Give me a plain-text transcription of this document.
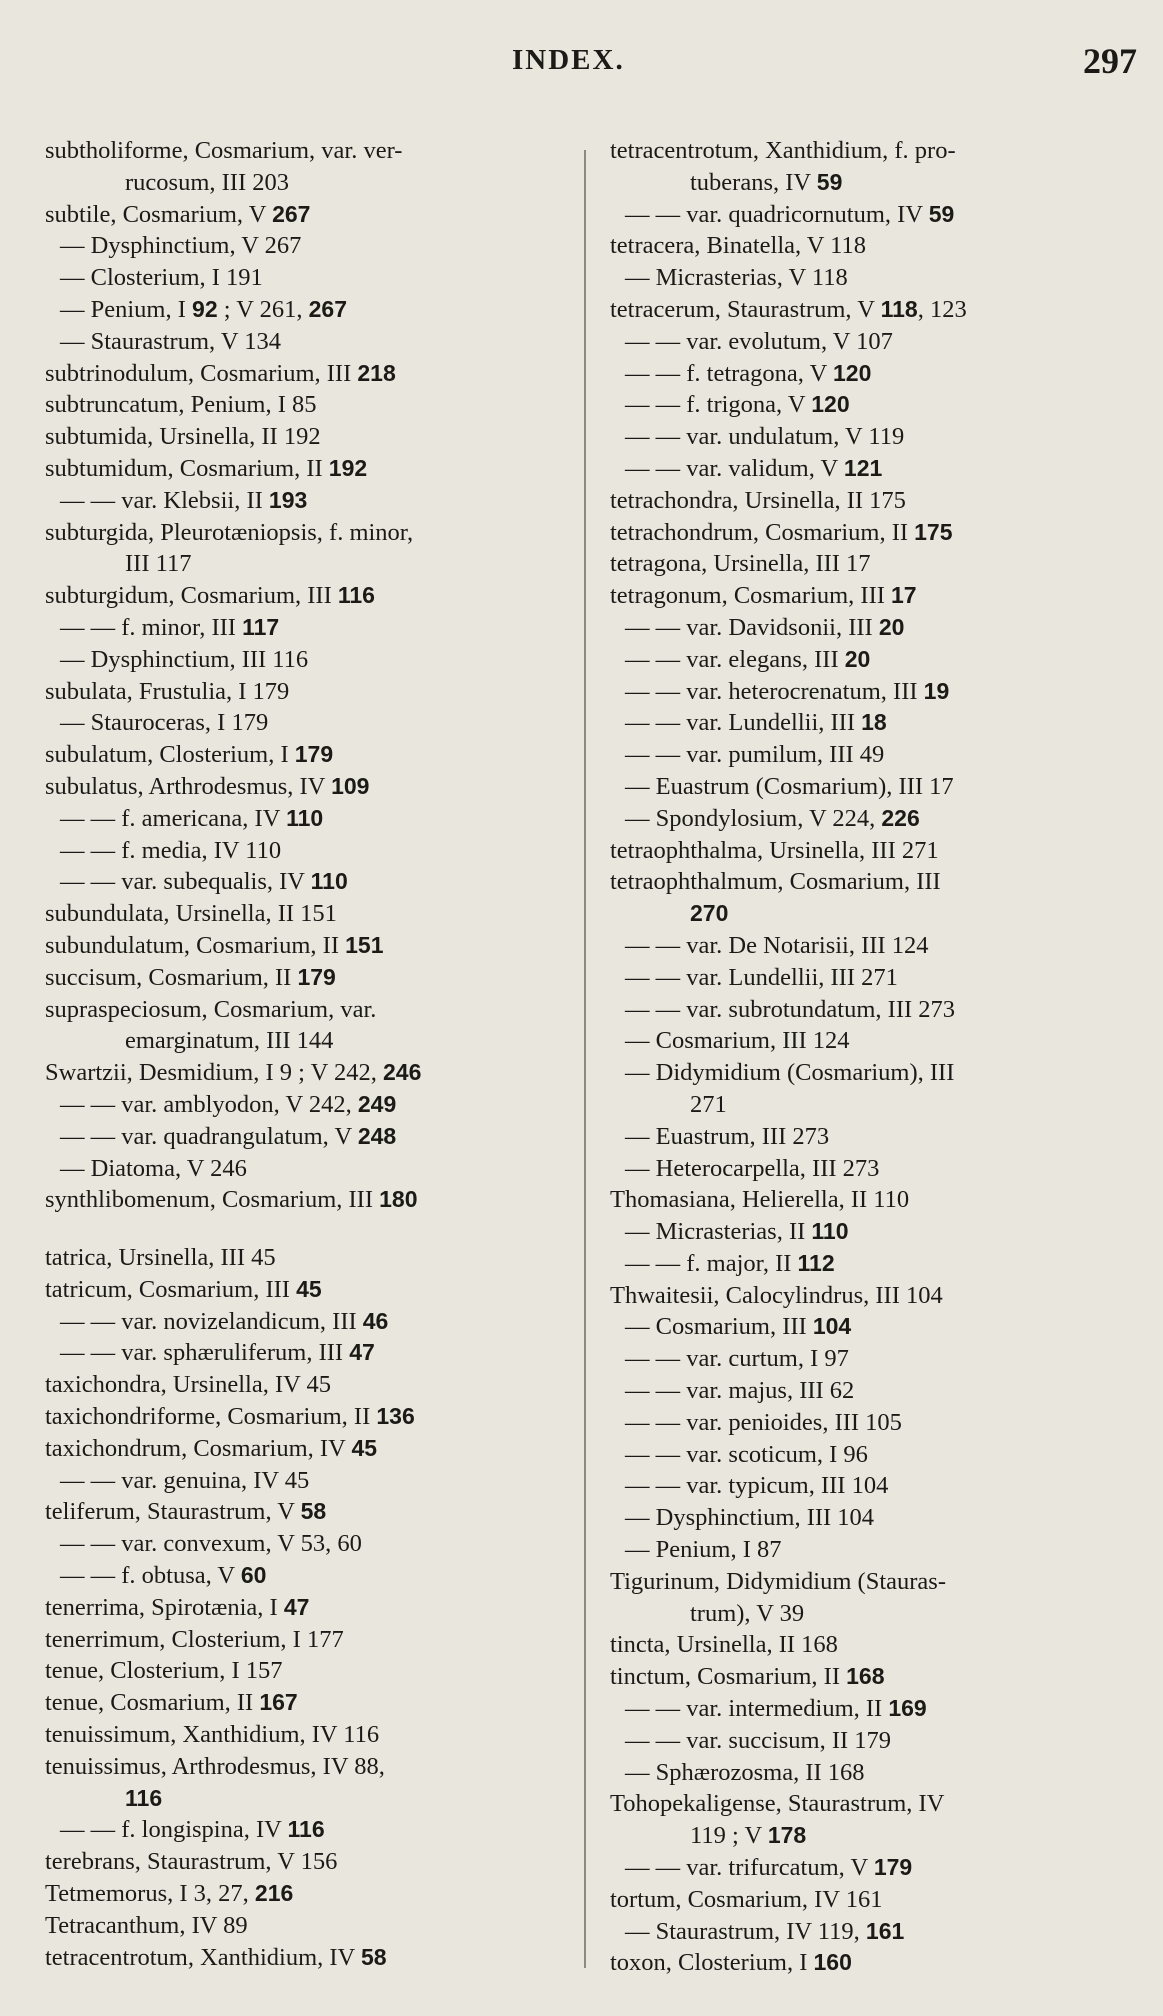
INDEX.	297
subtholiforme, Cosmarium, var. ver-
rucosum, III 203
subtile, Cosmarium, V 267
— Dysphinctium, V 267
— Closterium, I 191
— Penium, I 92 ; V 261, 267
— Staurastrum, V 134
subtrinodulum, Cosmarium, III 218
subtruncatum, Penium, I 85
subtumida, Ursinella, II 192
subtumidum, Cosmarium, II 192
— — var. Klebsii, II 193
subturgida, Pleurotæniopsis, f. minor,
III 117
subturgidum, Cosmarium, III 116
— — f. minor, III 117
— Dysphinctium, III 116
subulata, Frustulia, I 179
— Stauroceras, I 179
subulatum, Closterium, I 179
subulatus, Arthrodesmus, IV 109
— — f. americana, IV 110
— — f. media, IV 110
— — var. subequalis, IV 110
subundulata, Ursinella, II 151
subundulatum, Cosmarium, II 151
succisum, Cosmarium, II 179
supraspeciosum, Cosmarium, var.
emarginatum, III 144
Swartzii, Desmidium, I 9 ; V 242, 246
— — var. amblyodon, V 242, 249
— — var. quadrangulatum, V 248
— Diatoma, V 246
synthlibomenum, Cosmarium, III 180
tatrica, Ursinella, III 45
tatricum, Cosmarium, III 45
— — var. novizelandicum, III 46
— — var. sphæruliferum, III 47
taxichondra, Ursinella, IV 45
taxichondriforme, Cosmarium, II 136
taxichondrum, Cosmarium, IV 45
— — var. genuina, IV 45
teliferum, Staurastrum, V 58
— — var. convexum, V 53, 60
— — f. obtusa, V 60
tenerrima, Spirotænia, I 47
tenerrimum, Closterium, I 177
tenue, Closterium, I 157
tenue, Cosmarium, II 167
tenuissimum, Xanthidium, IV 116
tenuissimus, Arthrodesmus, IV 88,
116
— — f. longispina, IV 116
terebrans, Staurastrum, V 156
Tetmemorus, I 3, 27, 216
Tetracanthum, IV 89
tetracentrotum, Xanthidium, IV 58
tetracentrotum, Xanthidium, f. pro-
tuberans, IV 59
— — var. quadricornutum, IV 59
tetracera, Binatella, V 118
— Micrasterias, V 118
tetracerum, Staurastrum, V 118, 123
— — var. evolutum, V 107
— — f. tetragona, V 120
— — f. trigona, V 120
— — var. undulatum, V 119
— — var. validum, V 121
tetrachondra, Ursinella, II 175
tetrachondrum, Cosmarium, II 175
tetragona, Ursinella, III 17
tetragonum, Cosmarium, III 17
— — var. Davidsonii, III 20
— — var. elegans, III 20
— — var. heterocrenatum, III 19
— — var. Lundellii, III 18
— — var. pumilum, III 49
— Euastrum (Cosmarium), III 17
— Spondylosium, V 224, 226
tetraophthalma, Ursinella, III 271
tetraophthalmum, Cosmarium, III
270
— — var. De Notarisii, III 124
— — var. Lundellii, III 271
— — var. subrotundatum, III 273
— Cosmarium, III 124
— Didymidium (Cosmarium), III
271
— Euastrum, III 273
— Heterocarpella, III 273
Thomasiana, Helierella, II 110
— Micrasterias, II 110
— — f. major, II 112
Thwaitesii, Calocylindrus, III 104
— Cosmarium, III 104
— — var. curtum, I 97
— — var. majus, III 62
— — var. penioides, III 105
— — var. scoticum, I 96
— — var. typicum, III 104
— Dysphinctium, III 104
— Penium, I 87
Tigurinum, Didymidium (Stauras-
trum), V 39
tincta, Ursinella, II 168
tinctum, Cosmarium, II 168
— — var. intermedium, II 169
— — var. succisum, II 179
— Sphærozosma, II 168
Tohopekaligense, Staurastrum, IV
119 ; V 178
— — var. trifurcatum, V 179
tortum, Cosmarium, IV 161
— Staurastrum, IV 119, 161
toxon, Closterium, I 160
